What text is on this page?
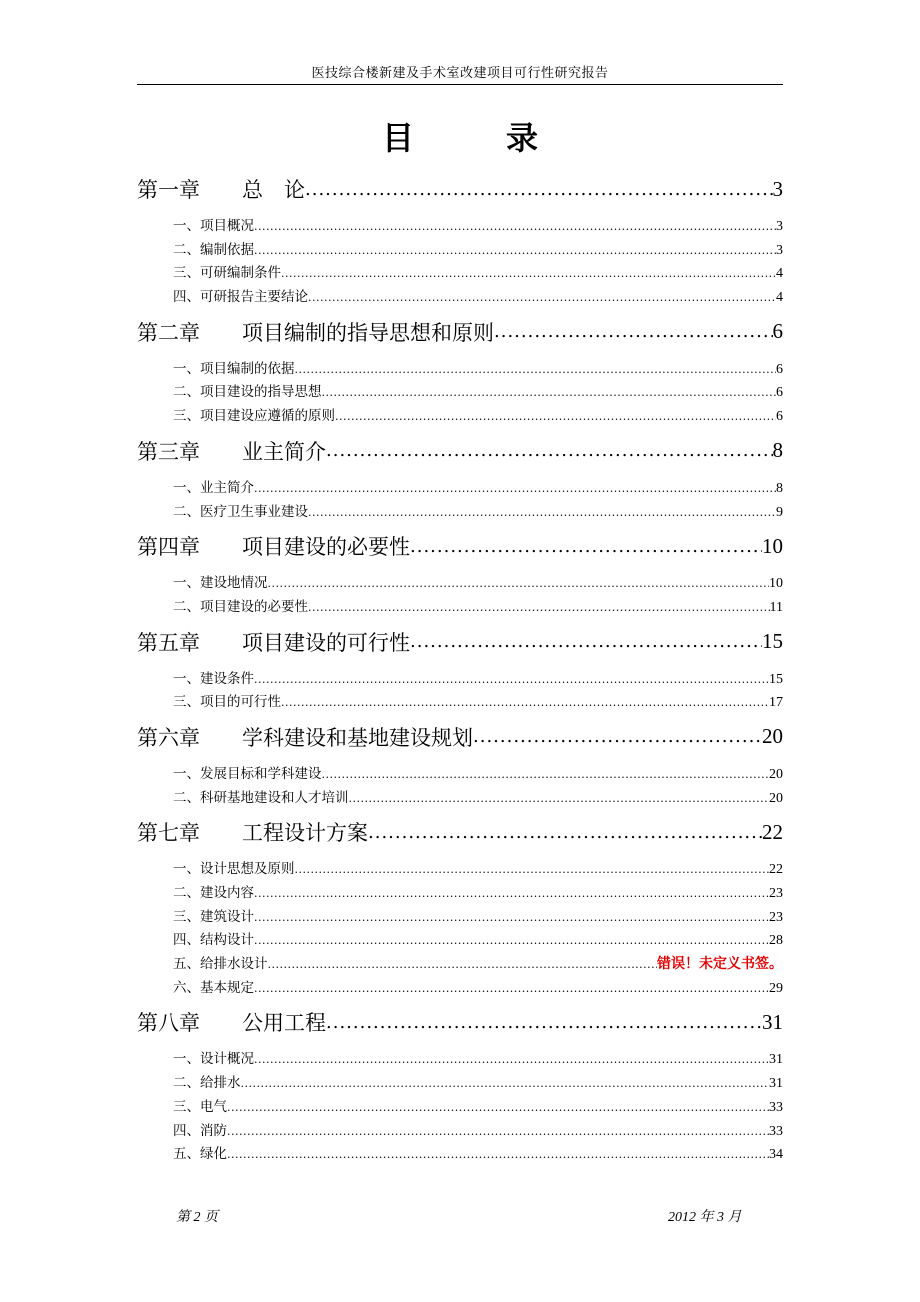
医技综合楼新建及手术室改建项目可行性研究报告
目　录
第一章 总　论 .....	3
一、项目概况 .....	3
二、编制依据 .....	3
三、可研编制条件 .....	4
四、可研报告主要结论 .....	4
第二章 项目编制的指导思想和原则 .....	6
一、项目编制的依据 .....	6
二、项目建设的指导思想 .....	6
三、项目建设应遵循的原则 .....	6
第三章 业主简介 .....	8
一、业主简介 .....	8
二、医疗卫生事业建设 .....	9
第四章 项目建设的必要性 .....	10
一、建设地情况 .....	10
二、项目建设的必要性 .....	11
第五章 项目建设的可行性 .....	15
一、建设条件 .....	15
三、项目的可行性 .....	17
第六章 学科建设和基地建设规划 .....	20
一、发展目标和学科建设 .....	20
二、科研基地建设和人才培训 .....	20
第七章 工程设计方案 .....	22
一、设计思想及原则 .....	22
二、建设内容 .....	23
三、建筑设计 .....	23
四、结构设计 .....	28
五、给排水设计 .....	错误！未定义书签。
六、基本规定 .....	29
第八章 公用工程 .....	31
一、设计概况 .....	31
二、给排水 .....	31
三、电气 .....	33
四、消防 .....	33
五、绿化 .....	34
第 2 页	2012 年 3 月
